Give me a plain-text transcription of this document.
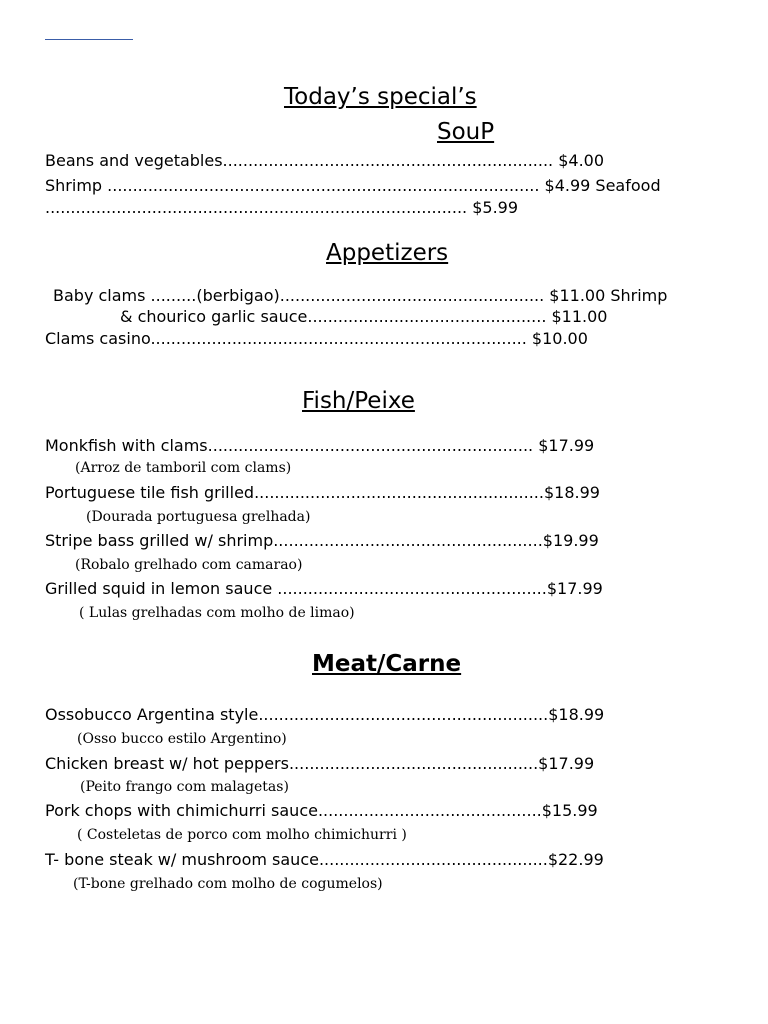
Today’s special’s
SouP
Beans and vegetables................................................................. $4.00
Shrimp ..................................................................................... $4.99 Seafood
................................................................................... $5.99
Appetizers
Baby clams .........(berbigao).................................................... $11.00 Shrimp
& chourico garlic sauce............................................... $11.00
Clams casino.......................................................................... $10.00
Fish/Peixe
Monkfish with clams................................................................ $17.99
(Arroz de tamboril com clams)
Portuguese tile fish grilled.........................................................$18.99
(Dourada portuguesa grelhada)
Stripe bass grilled w/ shrimp.....................................................$19.99
(Robalo grelhado com camarao)
Grilled squid in lemon sauce .....................................................$17.99
( Lulas grelhadas com molho de limao)
Meat/Carne
Ossobucco Argentina style.........................................................$18.99
(Osso bucco estilo Argentino)
Chicken breast w/ hot peppers.................................................$17.99
(Peito frango com malagetas)
Pork chops with chimichurri sauce............................................$15.99
( Costeletas de porco com molho chimichurri )
T- bone steak w/ mushroom sauce.............................................$22.99
(T-bone grelhado com molho de cogumelos)
